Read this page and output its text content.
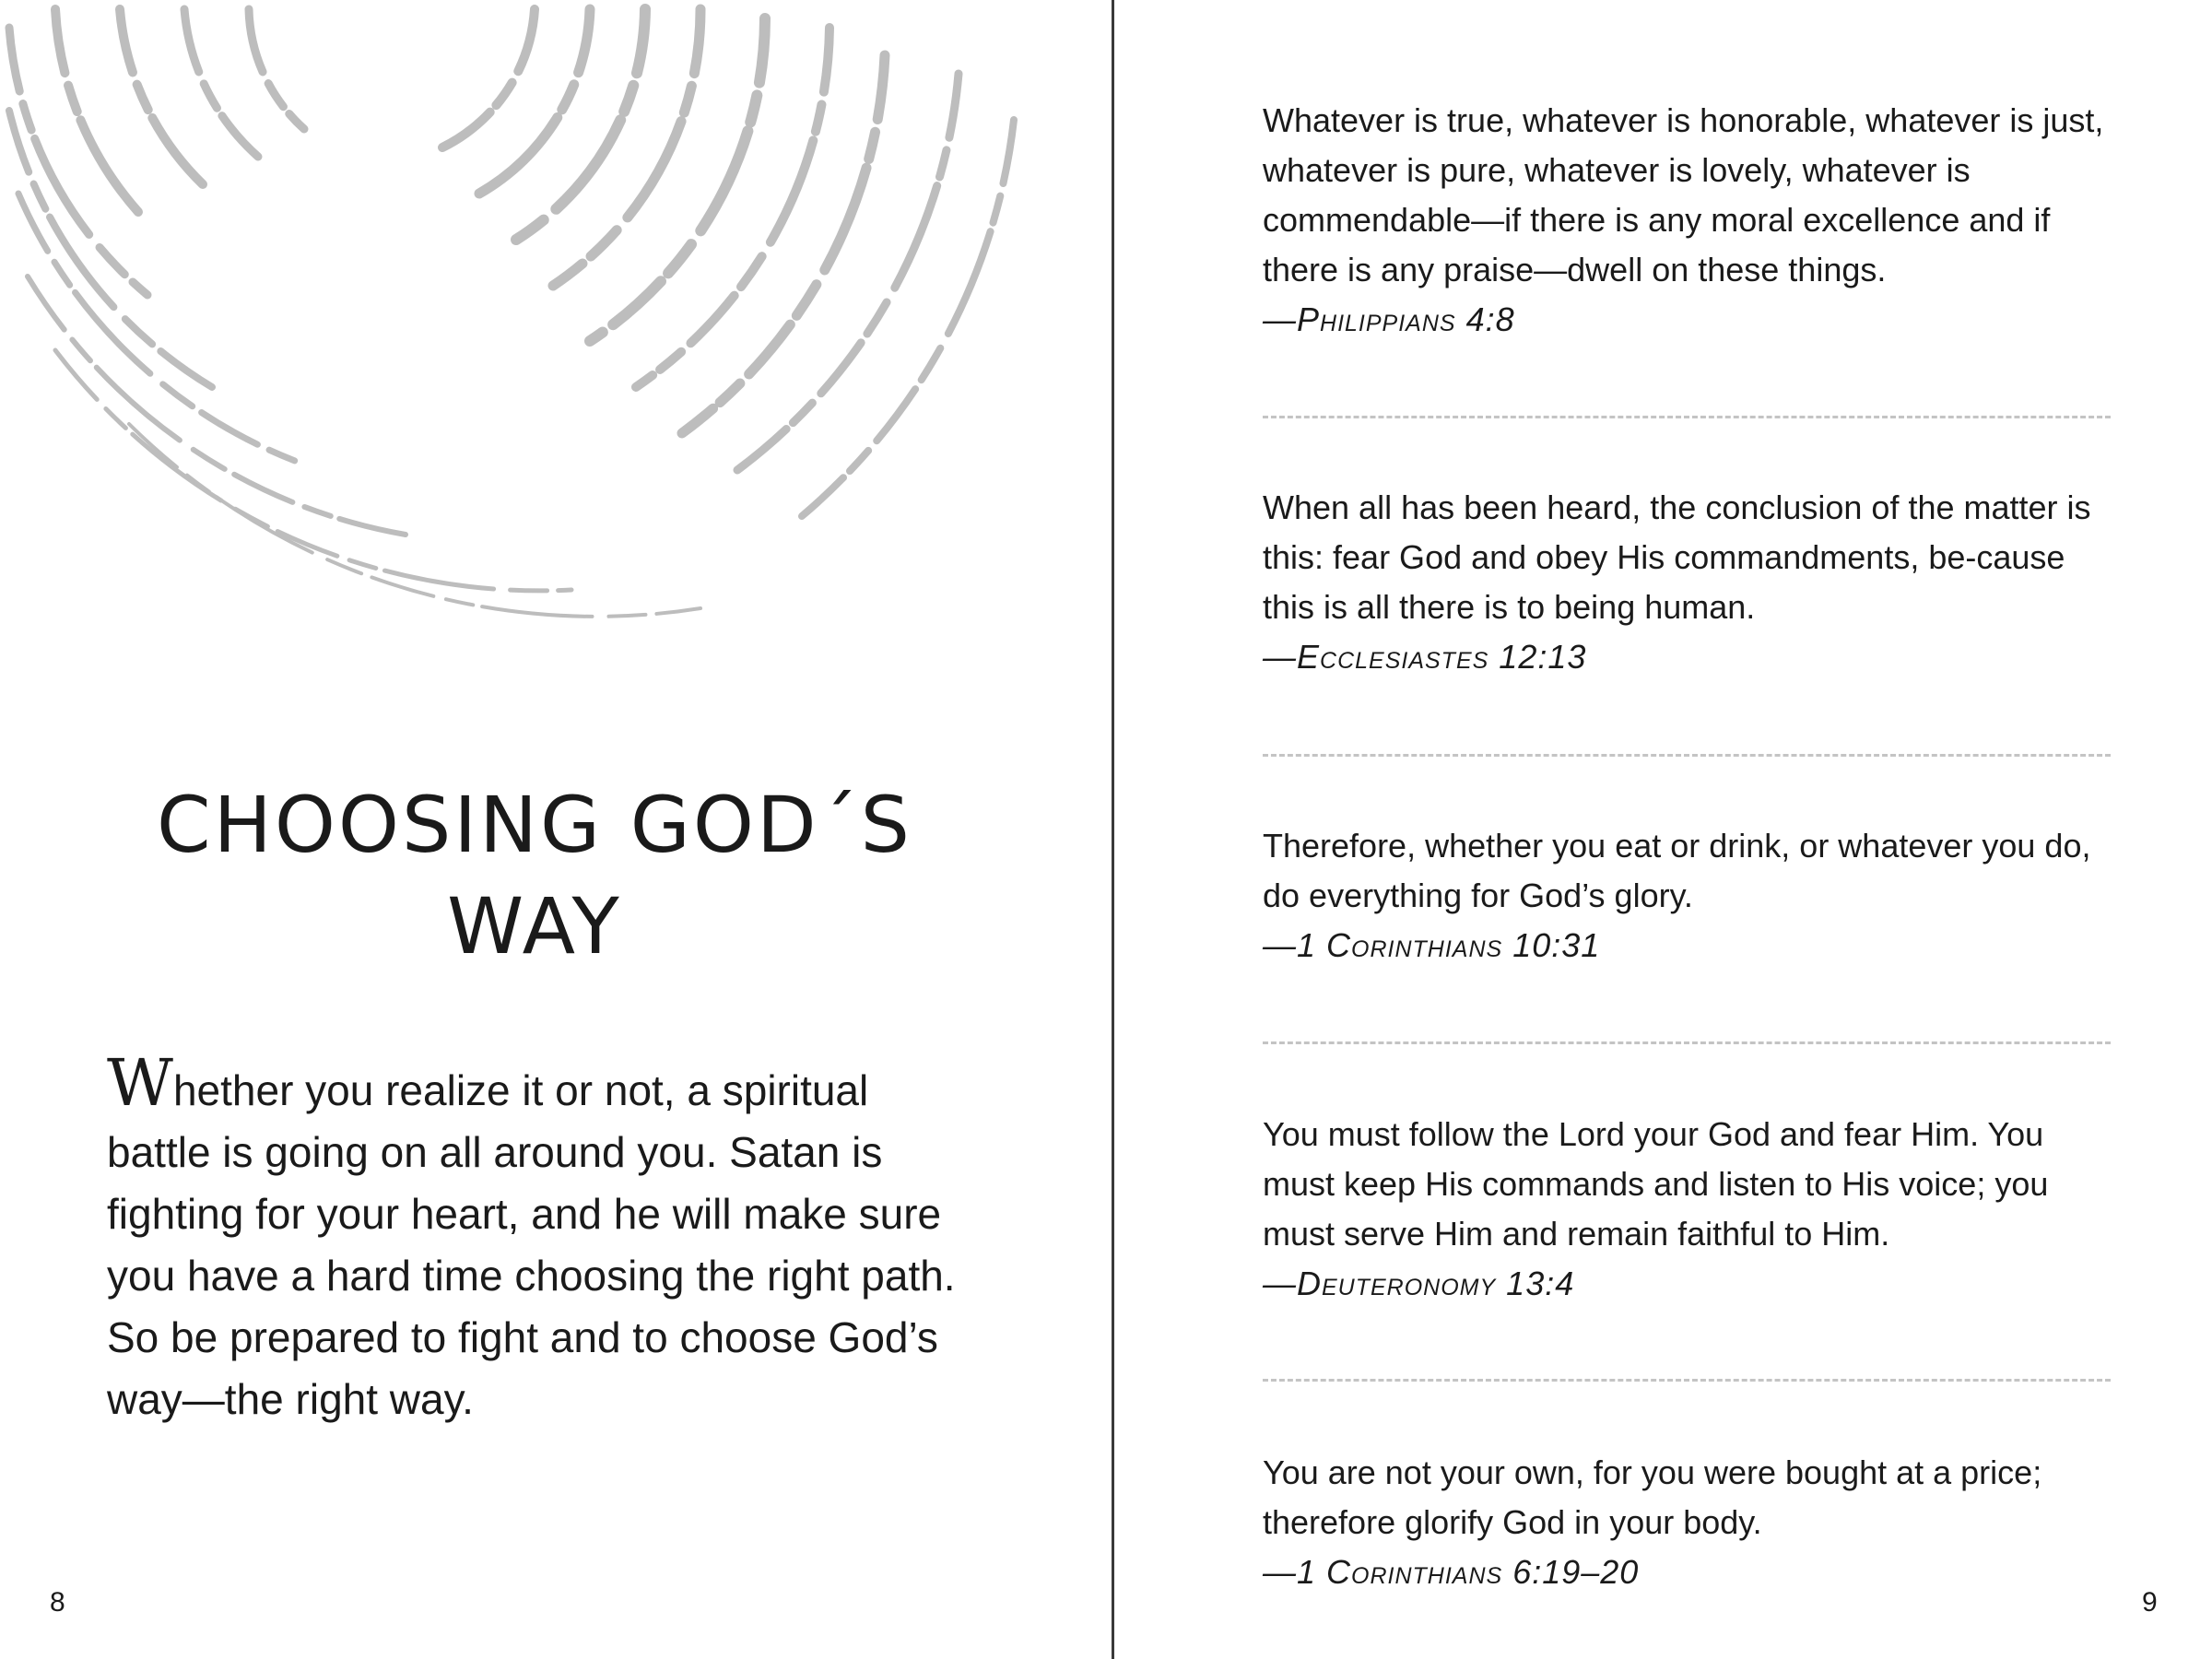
CHOOSING GOD´S
WAY

Whether you realize it or not, a spiritual battle is going on all around you. Satan is fighting for your heart, and he will make sure you have a hard time choosing the right path. So be prepared to fight and to choose God’s way—the right way.

8

Whatever is true, whatever is honorable, whatever is just, whatever is pure, whatever is lovely, whatever is commendable—if there is any moral excellence and if there is any praise—dwell on these things.

—Philippians 4:8

When all has been heard, the conclusion of the matter is this: fear God and obey His commandments, be-cause this is all there is to being human.

—Ecclesiastes 12:13

Therefore, whether you eat or drink, or whatever you do, do everything for God’s glory.

—1 Corinthians 10:31

You must follow the Lord your God and fear Him. You must keep His commands and listen to His voice; you must serve Him and remain faithful to Him.

—Deuteronomy 13:4

You are not your own, for you were bought at a price; therefore glorify God in your body.

—1 Corinthians 6:19–20

9
